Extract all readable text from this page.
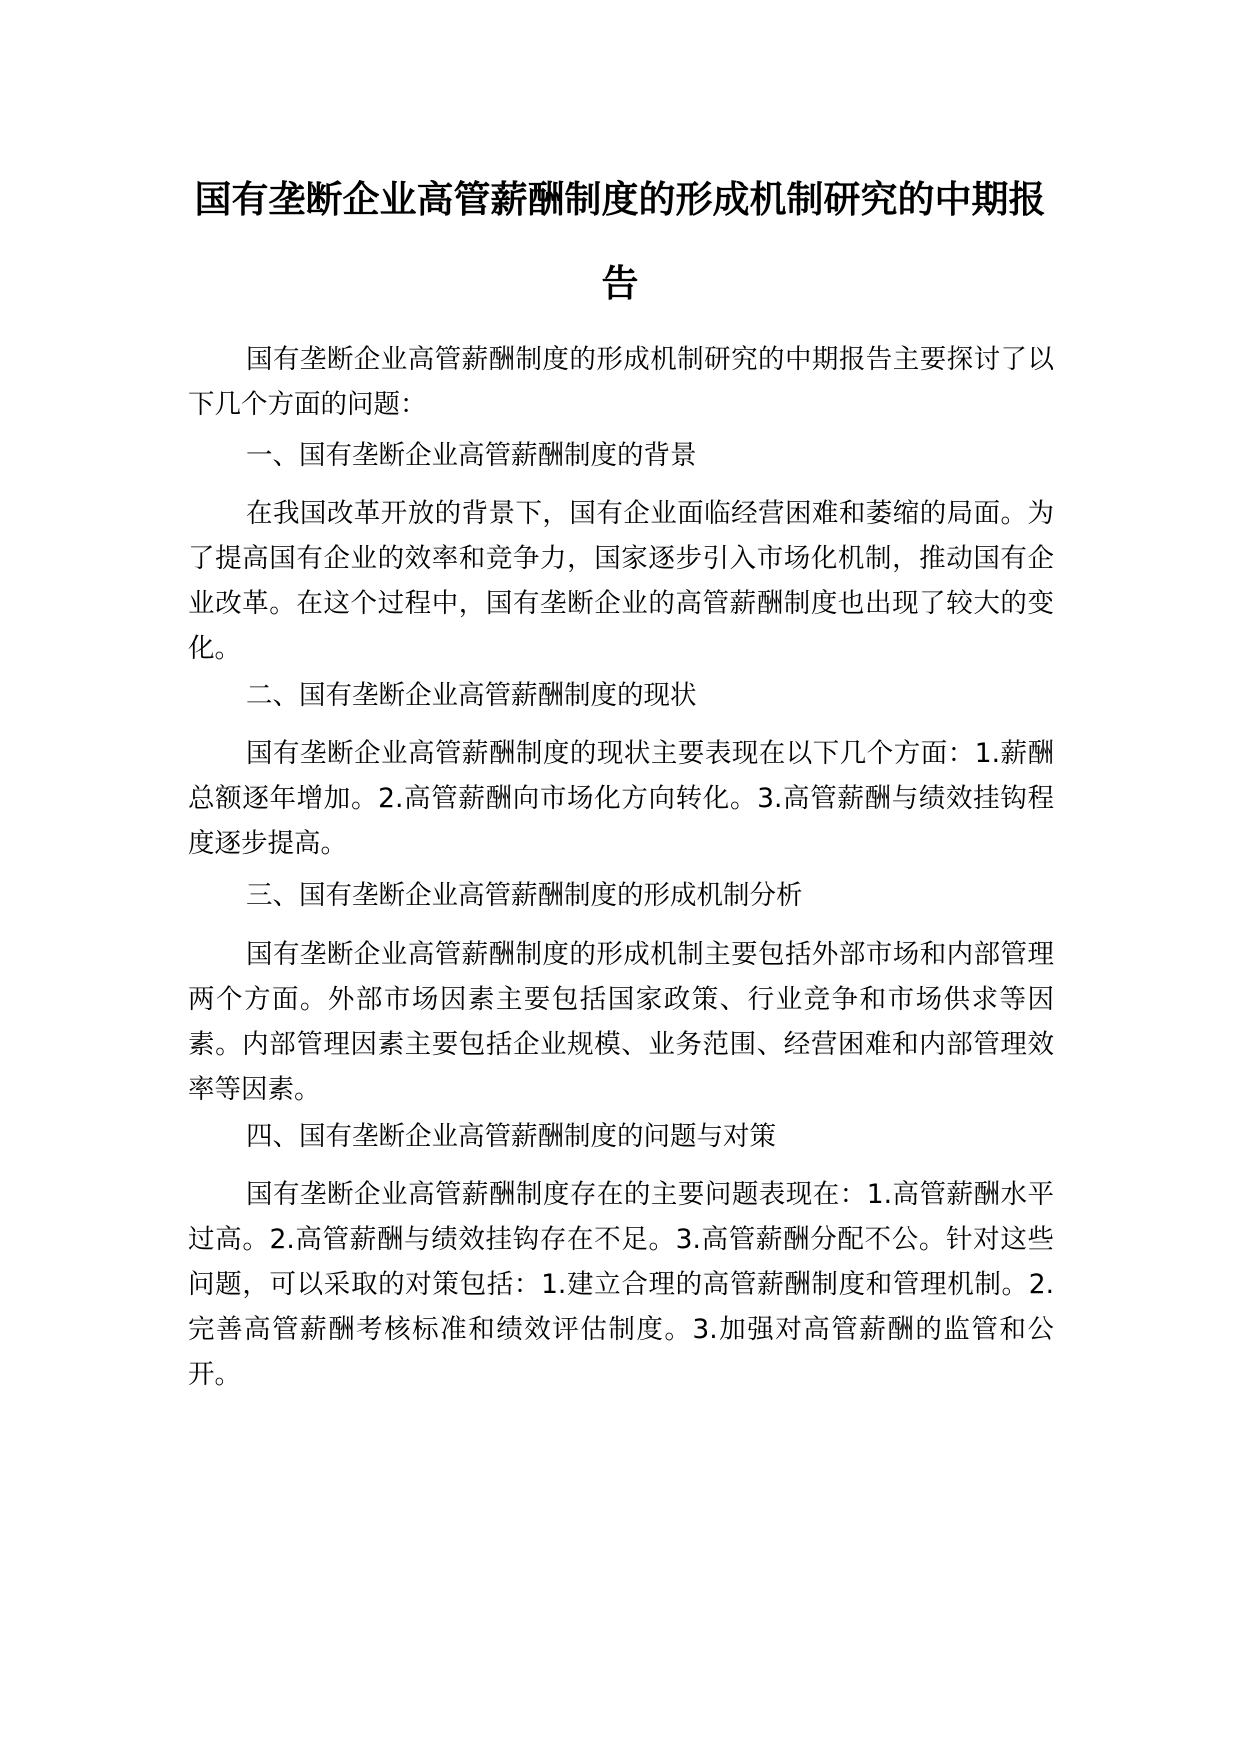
国有垄断企业高管薪酬制度的形成机制研究的中期报告

国有垄断企业高管薪酬制度的形成机制研究的中期报告主要探讨了以下几个方面的问题：

一、国有垄断企业高管薪酬制度的背景

在我国改革开放的背景下，国有企业面临经营困难和萎缩的局面。为了提高国有企业的效率和竞争力，国家逐步引入市场化机制，推动国有企业改革。在这个过程中，国有垄断企业的高管薪酬制度也出现了较大的变化。

二、国有垄断企业高管薪酬制度的现状

国有垄断企业高管薪酬制度的现状主要表现在以下几个方面：1.薪酬总额逐年增加。2.高管薪酬向市场化方向转化。3.高管薪酬与绩效挂钩程度逐步提高。

三、国有垄断企业高管薪酬制度的形成机制分析

国有垄断企业高管薪酬制度的形成机制主要包括外部市场和内部管理两个方面。外部市场因素主要包括国家政策、行业竞争和市场供求等因素。内部管理因素主要包括企业规模、业务范围、经营困难和内部管理效率等因素。

四、国有垄断企业高管薪酬制度的问题与对策

国有垄断企业高管薪酬制度存在的主要问题表现在：1.高管薪酬水平过高。2.高管薪酬与绩效挂钩存在不足。3.高管薪酬分配不公。针对这些问题，可以采取的对策包括：1.建立合理的高管薪酬制度和管理机制。2.完善高管薪酬考核标准和绩效评估制度。3.加强对高管薪酬的监管和公开。
